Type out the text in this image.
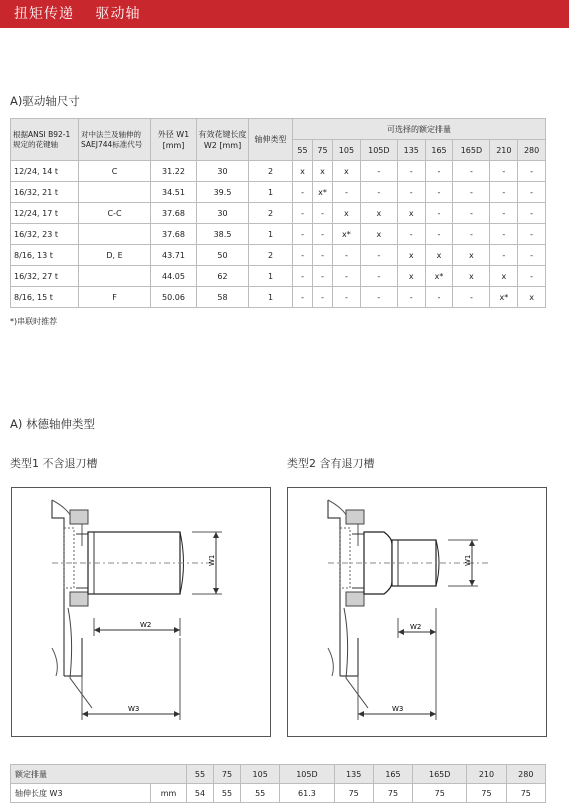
扭矩传递 驱动轴
A)驱动轴尺寸
根据ANSI B92-1规定的花键轴	对中法兰及轴伸的SAEJ744标准代号	外径 W1 [mm]	有效花键长度 W2 [mm]	轴伸类型	可选择的额定排量								
					55	75	105	105D	135	165	165D	210	280
12/24, 14 t	C	31.22	30	2	x	x	x	-	-	-	-	-	-
16/32, 21 t		34.51	39.5	1	-	x*	-	-	-	-	-	-	-
12/24, 17 t	C-C	37.68	30	2	-	-	x	x	x	-	-	-	-
16/32, 23 t		37.68	38.5	1	-	-	x*	x	-	-	-	-	-
8/16, 13 t	D, E	43.71	50	2	-	-	-	-	x	x	x	-	-
16/32, 27 t		44.05	62	1	-	-	-	-	x	x*	x	x	-
8/16, 15 t	F	50.06	58	1	-	-	-	-	-	-	-	x*	x
*)串联时推荐
A) 林德轴伸类型
类型1 不含退刀槽	类型2 含有退刀槽
W1
W2
W3
W1
W2
W3
额定排量		55	75	105	105D	135	165	165D	210	280
轴伸长度 W3	mm	54	55	55	61.3	75	75	75	75	75
